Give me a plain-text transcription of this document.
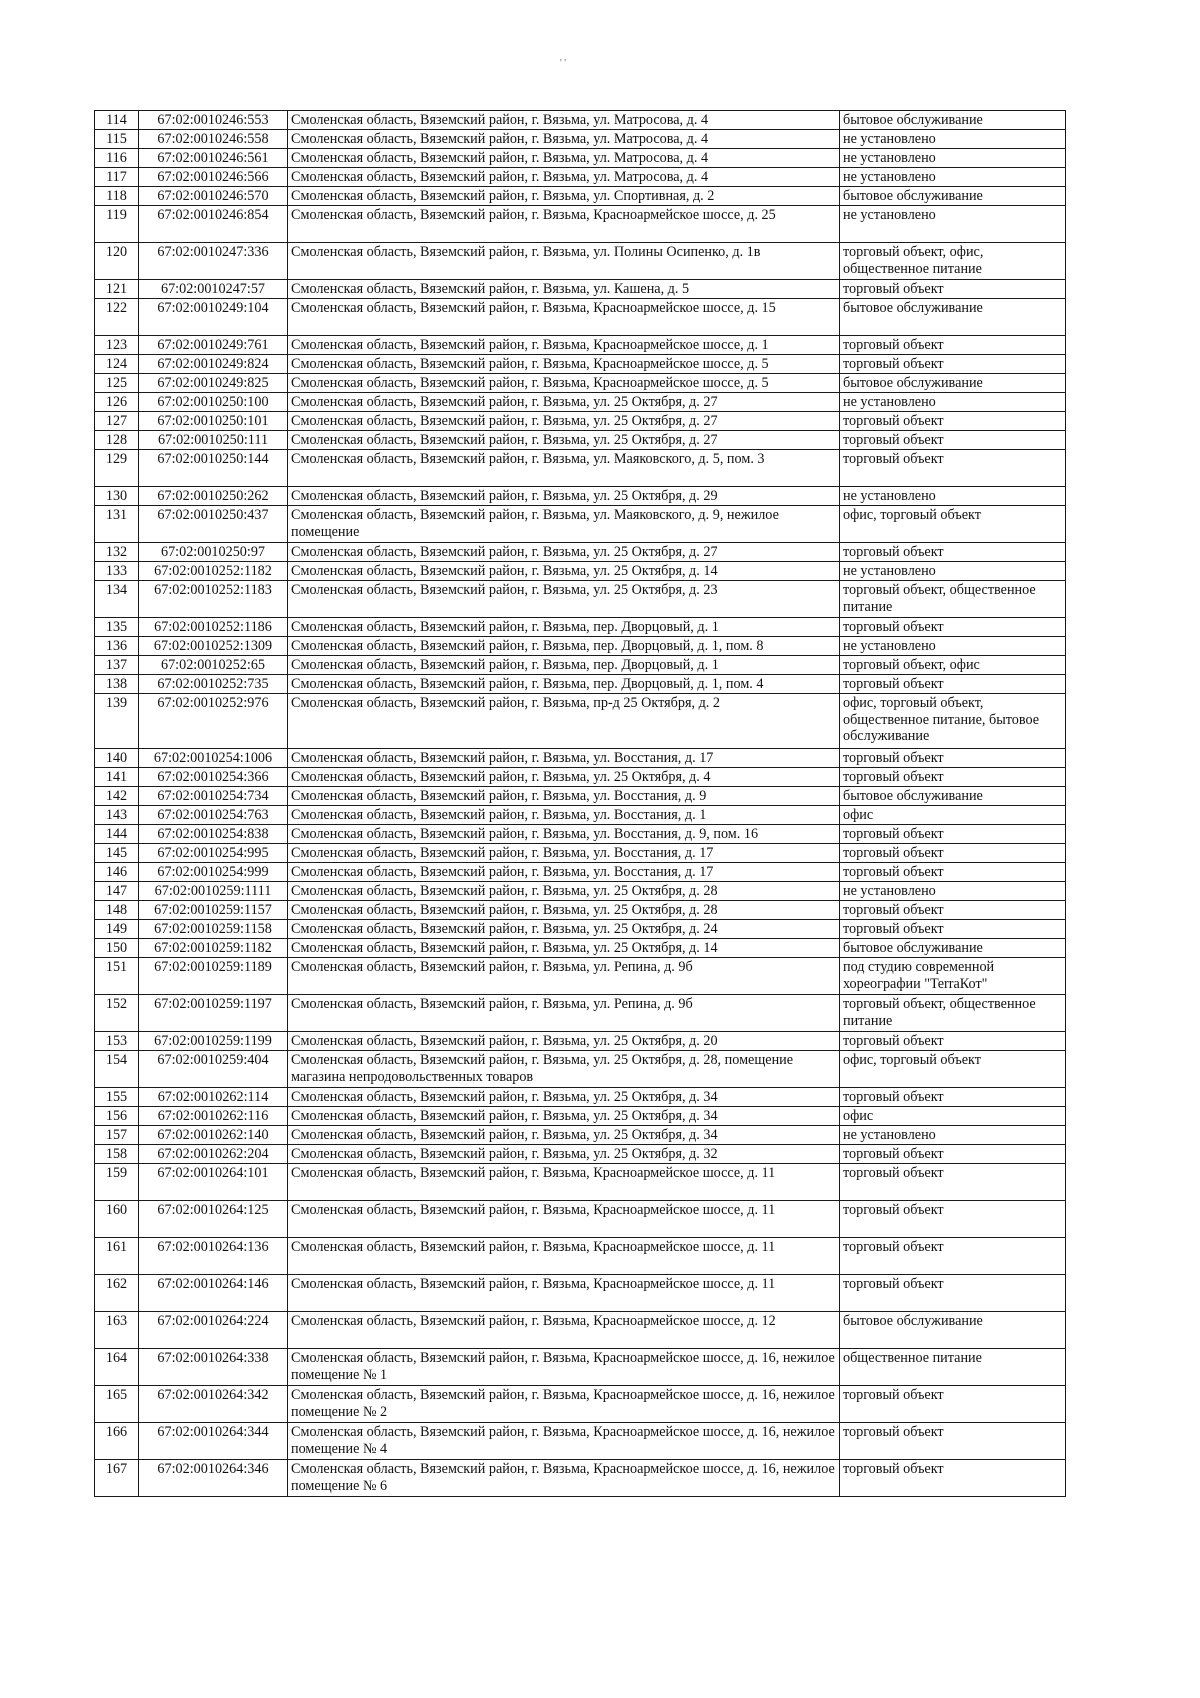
' '
114	67:02:0010246:553	Смоленская область, Вяземский район, г. Вязьма, ул. Матросова, д. 4	бытовое обслуживание
115	67:02:0010246:558	Смоленская область, Вяземский район, г. Вязьма, ул. Матросова, д. 4	не установлено
116	67:02:0010246:561	Смоленская область, Вяземский район, г. Вязьма, ул. Матросова, д. 4	не установлено
117	67:02:0010246:566	Смоленская область, Вяземский район, г. Вязьма, ул. Матросова, д. 4	не установлено
118	67:02:0010246:570	Смоленская область, Вяземский район, г. Вязьма, ул. Спортивная, д. 2	бытовое обслуживание
119	67:02:0010246:854	Смоленская область, Вяземский район, г. Вязьма, Красноармейское шоссе, д. 25	не установлено
120	67:02:0010247:336	Смоленская область, Вяземский район, г. Вязьма, ул. Полины Осипенко, д. 1в	торговый объект, офис, общественное питание
121	67:02:0010247:57	Смоленская область, Вяземский район, г. Вязьма, ул. Кашена, д. 5	торговый объект
122	67:02:0010249:104	Смоленская область, Вяземский район, г. Вязьма, Красноармейское шоссе, д. 15	бытовое обслуживание
123	67:02:0010249:761	Смоленская область, Вяземский район, г. Вязьма, Красноармейское шоссе, д. 1	торговый объект
124	67:02:0010249:824	Смоленская область, Вяземский район, г. Вязьма, Красноармейское шоссе, д. 5	торговый объект
125	67:02:0010249:825	Смоленская область, Вяземский район, г. Вязьма, Красноармейское шоссе, д. 5	бытовое обслуживание
126	67:02:0010250:100	Смоленская область, Вяземский район, г. Вязьма, ул. 25 Октября, д. 27	не установлено
127	67:02:0010250:101	Смоленская область, Вяземский район, г. Вязьма, ул. 25 Октября, д. 27	торговый объект
128	67:02:0010250:111	Смоленская область, Вяземский район, г. Вязьма, ул. 25 Октября, д. 27	торговый объект
129	67:02:0010250:144	Смоленская область, Вяземский район, г. Вязьма, ул. Маяковского, д. 5, пом. 3	торговый объект
130	67:02:0010250:262	Смоленская область, Вяземский район, г. Вязьма, ул. 25 Октября, д. 29	не установлено
131	67:02:0010250:437	Смоленская область, Вяземский район, г. Вязьма, ул. Маяковского, д. 9, нежилое помещение	офис, торговый объект
132	67:02:0010250:97	Смоленская область, Вяземский район, г. Вязьма, ул. 25 Октября, д. 27	торговый объект
133	67:02:0010252:1182	Смоленская область, Вяземский район, г. Вязьма, ул. 25 Октября, д. 14	не установлено
134	67:02:0010252:1183	Смоленская область, Вяземский район, г. Вязьма, ул. 25 Октября, д. 23	торговый объект, общественное питание
135	67:02:0010252:1186	Смоленская область, Вяземский район, г. Вязьма, пер. Дворцовый, д. 1	торговый объект
136	67:02:0010252:1309	Смоленская область, Вяземский район, г. Вязьма, пер. Дворцовый, д. 1, пом. 8	не установлено
137	67:02:0010252:65	Смоленская область, Вяземский район, г. Вязьма, пер. Дворцовый, д. 1	торговый объект, офис
138	67:02:0010252:735	Смоленская область, Вяземский район, г. Вязьма, пер. Дворцовый, д. 1, пом. 4	торговый объект
139	67:02:0010252:976	Смоленская область, Вяземский район, г. Вязьма, пр-д 25 Октября, д. 2	офис, торговый объект, общественное питание, бытовое обслуживание
140	67:02:0010254:1006	Смоленская область, Вяземский район, г. Вязьма, ул. Восстания, д. 17	торговый объект
141	67:02:0010254:366	Смоленская область, Вяземский район, г. Вязьма, ул. 25 Октября, д. 4	торговый объект
142	67:02:0010254:734	Смоленская область, Вяземский район, г. Вязьма, ул. Восстания, д. 9	бытовое обслуживание
143	67:02:0010254:763	Смоленская область, Вяземский район, г. Вязьма, ул. Восстания, д. 1	офис
144	67:02:0010254:838	Смоленская область, Вяземский район, г. Вязьма, ул. Восстания, д. 9, пом. 16	торговый объект
145	67:02:0010254:995	Смоленская область, Вяземский район, г. Вязьма, ул. Восстания, д. 17	торговый объект
146	67:02:0010254:999	Смоленская область, Вяземский район, г. Вязьма, ул. Восстания, д. 17	торговый объект
147	67:02:0010259:1111	Смоленская область, Вяземский район, г. Вязьма, ул. 25 Октября, д. 28	не установлено
148	67:02:0010259:1157	Смоленская область, Вяземский район, г. Вязьма, ул. 25 Октября, д. 28	торговый объект
149	67:02:0010259:1158	Смоленская область, Вяземский район, г. Вязьма, ул. 25 Октября, д. 24	торговый объект
150	67:02:0010259:1182	Смоленская область, Вяземский район, г. Вязьма, ул. 25 Октября, д. 14	бытовое обслуживание
151	67:02:0010259:1189	Смоленская область, Вяземский район, г. Вязьма, ул. Репина, д. 9б	под студию современной хореографии "TerraКот"
152	67:02:0010259:1197	Смоленская область, Вяземский район, г. Вязьма, ул. Репина, д. 9б	торговый объект, общественное питание
153	67:02:0010259:1199	Смоленская область, Вяземский район, г. Вязьма, ул. 25 Октября, д. 20	торговый объект
154	67:02:0010259:404	Смоленская область, Вяземский район, г. Вязьма, ул. 25 Октября, д. 28, помещение магазина непродовольственных товаров	офис, торговый объект
155	67:02:0010262:114	Смоленская область, Вяземский район, г. Вязьма, ул. 25 Октября, д. 34	торговый объект
156	67:02:0010262:116	Смоленская область, Вяземский район, г. Вязьма, ул. 25 Октября, д. 34	офис
157	67:02:0010262:140	Смоленская область, Вяземский район, г. Вязьма, ул. 25 Октября, д. 34	не установлено
158	67:02:0010262:204	Смоленская область, Вяземский район, г. Вязьма, ул. 25 Октября, д. 32	торговый объект
159	67:02:0010264:101	Смоленская область, Вяземский район, г. Вязьма, Красноармейское шоссе, д. 11	торговый объект
160	67:02:0010264:125	Смоленская область, Вяземский район, г. Вязьма, Красноармейское шоссе, д. 11	торговый объект
161	67:02:0010264:136	Смоленская область, Вяземский район, г. Вязьма, Красноармейское шоссе, д. 11	торговый объект
162	67:02:0010264:146	Смоленская область, Вяземский район, г. Вязьма, Красноармейское шоссе, д. 11	торговый объект
163	67:02:0010264:224	Смоленская область, Вяземский район, г. Вязьма, Красноармейское шоссе, д. 12	бытовое обслуживание
164	67:02:0010264:338	Смоленская область, Вяземский район, г. Вязьма, Красноармейское шоссе, д. 16, нежилое помещение № 1	общественное питание
165	67:02:0010264:342	Смоленская область, Вяземский район, г. Вязьма, Красноармейское шоссе, д. 16, нежилое помещение № 2	торговый объект
166	67:02:0010264:344	Смоленская область, Вяземский район, г. Вязьма, Красноармейское шоссе, д. 16, нежилое помещение № 4	торговый объект
167	67:02:0010264:346	Смоленская область, Вяземский район, г. Вязьма, Красноармейское шоссе, д. 16, нежилое помещение № 6	торговый объект
